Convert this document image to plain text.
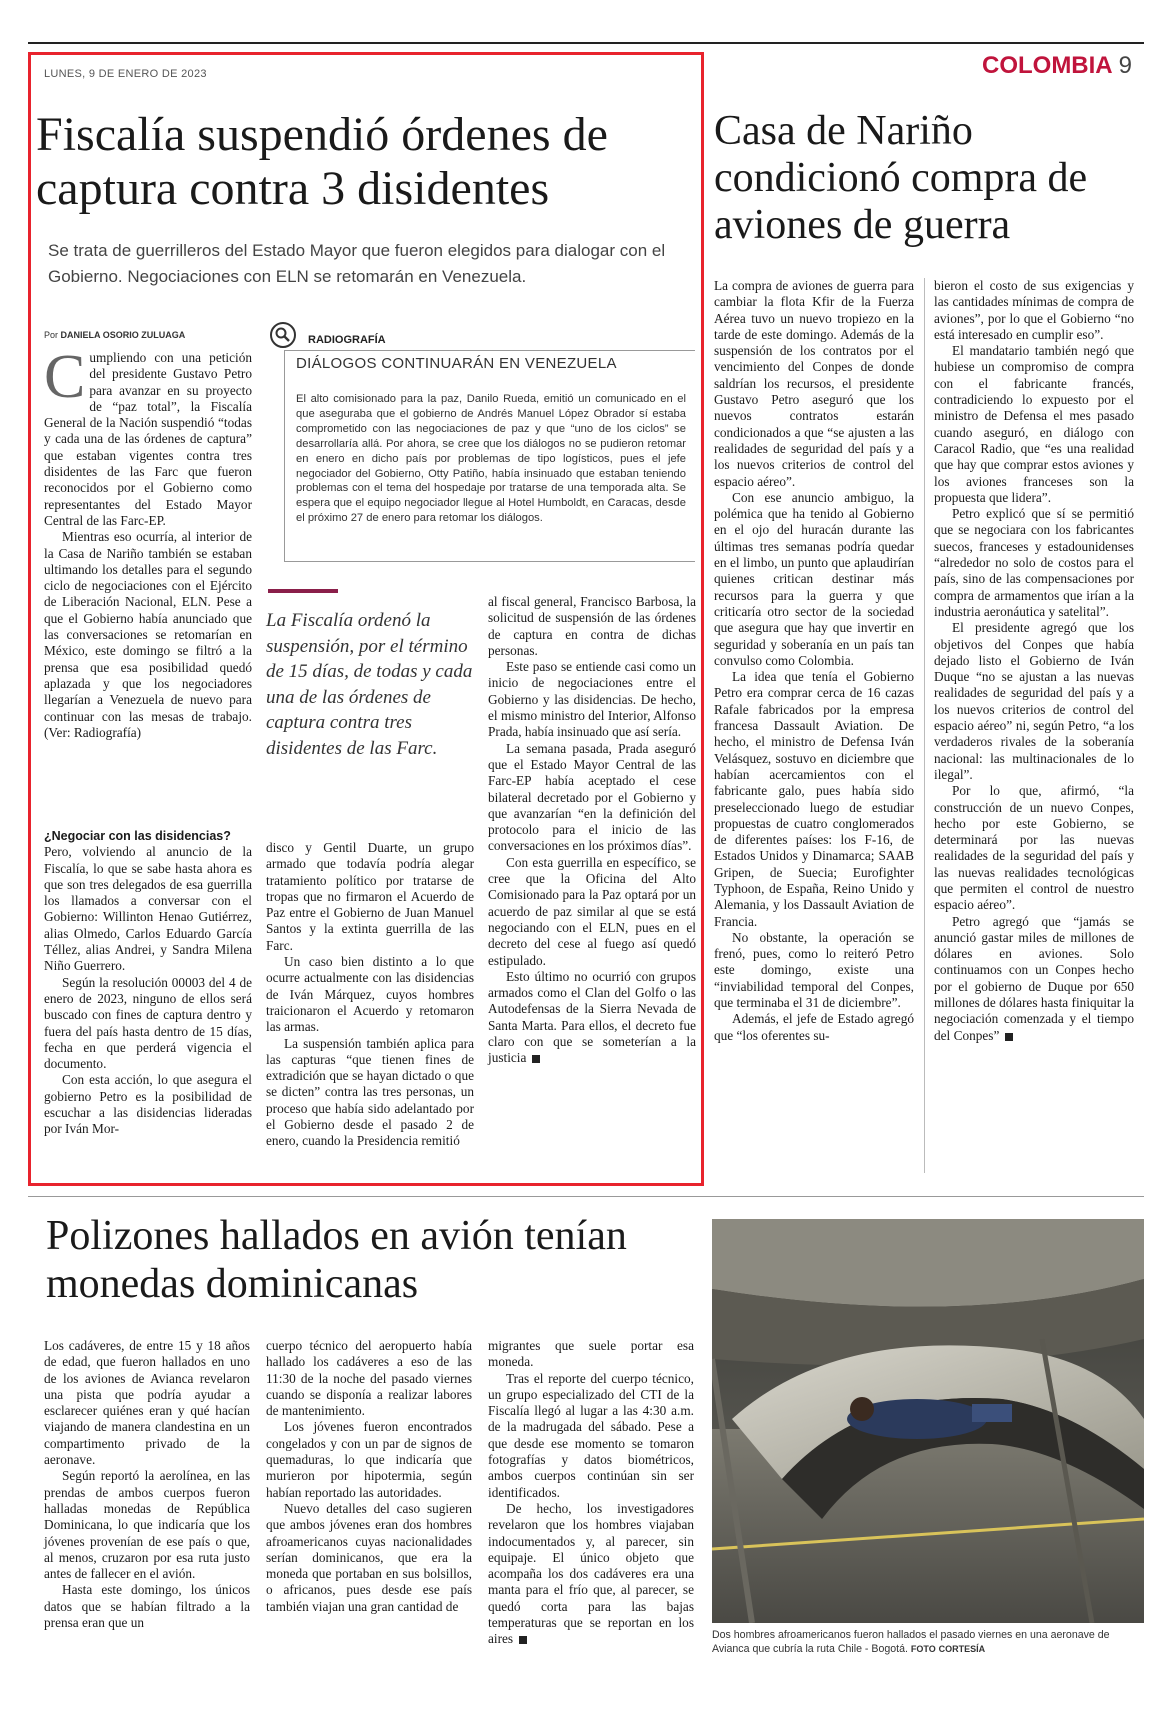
COLOMBIA 9
LUNES, 9 DE ENERO DE 2023
Fiscalía suspendió órdenes de captura contra 3 disidentes
Se trata de guerrilleros del Estado Mayor que fueron elegidos para dialogar con el Gobierno. Negociaciones con ELN se retomarán en Venezuela.
Por DANIELA OSORIO ZULUAGA
C umpliendo con una petición del presidente Gustavo Petro para avanzar en su proyecto de “paz total”, la Fiscalía General de la Nación suspendió “todas y cada una de las órdenes de captura” que estaban vigentes contra tres disidentes de las Farc que fueron reconocidos por el Gobierno como representantes del Estado Mayor Central de las Farc-EP.

Mientras eso ocurría, al interior de la Casa de Nariño también se estaban ultimando los detalles para el segundo ciclo de negociaciones con el Ejército de Liberación Nacional, ELN. Pese a que el Gobierno había anunciado que las conversaciones se retomarían en México, este domingo se filtró a la prensa que esa posibilidad quedó aplazada y que los negociadores llegarían a Venezuela de nuevo para continuar con las mesas de trabajo. (Ver: Radiografía)

¿Negociar con las disidencias?

Pero, volviendo al anuncio de la Fiscalía, lo que se sabe hasta ahora es que son tres delegados de esa guerrilla los llamados a conversar con el Gobierno: Willinton Henao Gutiérrez, alias Olmedo, Carlos Eduardo García Téllez, alias Andrei, y Sandra Milena Niño Guerrero.

Según la resolución 00003 del 4 de enero de 2023, ninguno de ellos será buscado con fines de captura dentro y fuera del país hasta dentro de 15 días, fecha en que perderá vigencia el documento.

Con esta acción, lo que asegura el gobierno Petro es la posibilidad de escuchar a las disidencias lideradas por Iván Mor-

RADIOGRAFÍA
DIÁLOGOS CONTINUARÁN EN VENEZUELA
El alto comisionado para la paz, Danilo Rueda, emitió un comunicado en el que aseguraba que el gobierno de Andrés Manuel López Obrador sí estaba comprometido con las negociaciones de paz y que “uno de los ciclos” se desarrollaría allá. Por ahora, se cree que los diálogos no se pudieron retomar en enero en dicho país por problemas de tipo logísticos, pues el jefe negociador del Gobierno, Otty Patiño, había insinuado que estaban teniendo problemas con el tema del hospedaje por tratarse de una temporada alta. Se espera que el equipo negociador llegue al Hotel Humboldt, en Caracas, desde el próximo 27 de enero para retomar los diálogos.
La Fiscalía ordenó la suspensión, por el término de 15 días, de todas y cada una de las órdenes de captura contra tres disidentes de las Farc.

disco y Gentil Duarte, un grupo armado que todavía podría alegar tratamiento político por tratarse de tropas que no firmaron el Acuerdo de Paz entre el Gobierno de Juan Manuel Santos y la extinta guerrilla de las Farc.

Un caso bien distinto a lo que ocurre actualmente con las disidencias de Iván Márquez, cuyos hombres traicionaron el Acuerdo y retomaron las armas.

La suspensión también aplica para las capturas “que tienen fines de extradición que se hayan dictado o que se dicten” contra las tres personas, un proceso que había sido adelantado por el Gobierno desde el pasado 2 de enero, cuando la Presidencia remitió

al fiscal general, Francisco Barbosa, la solicitud de suspensión de las órdenes de captura en contra de dichas personas.

Este paso se entiende casi como un inicio de negociaciones entre el Gobierno y las disidencias. De hecho, el mismo ministro del Interior, Alfonso Prada, había insinuado que así sería.

La semana pasada, Prada aseguró que el Estado Mayor Central de las Farc-EP había aceptado el cese bilateral decretado por el Gobierno y que avanzarían “en la definición del protocolo para el inicio de las conversaciones en los próximos días”.

Con esta guerrilla en específico, se cree que la Oficina del Alto Comisionado para la Paz optará por un acuerdo de paz similar al que se está negociando con el ELN, pues en el decreto del cese al fuego así quedó estipulado.

Esto último no ocurrió con grupos armados como el Clan del Golfo o las Autodefensas de la Sierra Nevada de Santa Marta. Para ellos, el decreto fue claro con que se someterían a la justicia

Casa de Nariño condicionó compra de aviones de guerra

La compra de aviones de guerra para cambiar la flota Kfir de la Fuerza Aérea tuvo un nuevo tropiezo en la tarde de este domingo. Además de la suspensión de los contratos por el vencimiento del Conpes de donde saldrían los recursos, el presidente Gustavo Petro aseguró que los nuevos contratos estarán condicionados a que “se ajusten a las realidades de seguridad del país y a los nuevos criterios de control del espacio aéreo”.

Con ese anuncio ambiguo, la polémica que ha tenido al Gobierno en el ojo del huracán durante las últimas tres semanas podría quedar en el limbo, un punto que aplaudirían quienes critican destinar más recursos para la guerra y que criticaría otro sector de la sociedad que asegura que hay que invertir en seguridad y soberanía en un país tan convulso como Colombia.

La idea que tenía el Gobierno Petro era comprar cerca de 16 cazas Rafale fabricados por la empresa francesa Dassault Aviation. De hecho, el ministro de Defensa Iván Velásquez, sostuvo en diciembre que habían acercamientos con el fabricante galo, pues había sido preseleccionado luego de estudiar propuestas de cuatro conglomerados de diferentes países: los F-16, de Estados Unidos y Dinamarca; SAAB Gripen, de Suecia; Eurofighter Typhoon, de España, Reino Unido y Alemania, y los Dassault Aviation de Francia.

No obstante, la operación se frenó, pues, como lo reiteró Petro este domingo, existe una “inviabilidad temporal del Conpes, que terminaba el 31 de diciembre”.

Además, el jefe de Estado agregó que “los oferentes su-

bieron el costo de sus exigencias y las cantidades mínimas de compra de aviones”, por lo que el Gobierno “no está interesado en cumplir eso”.

El mandatario también negó que hubiese un compromiso de compra con el fabricante francés, contradiciendo lo expuesto por el ministro de Defensa el mes pasado cuando aseguró, en diálogo con Caracol Radio, que “es una realidad que hay que comprar estos aviones y los aviones franceses son la propuesta que lidera”.

Petro explicó que sí se permitió que se negociara con los fabricantes suecos, franceses y estadounidenses “alrededor no solo de costos para el país, sino de las compensaciones por compra de armamentos que irían a la industria aeronáutica y satelital”.

El presidente agregó que los objetivos del Conpes que había dejado listo el Gobierno de Iván Duque “no se ajustan a las nuevas realidades de seguridad del país y a los nuevos criterios de control del espacio aéreo” ni, según Petro, “a los verdaderos rivales de la soberanía nacional: las multinacionales de lo ilegal”.

Por lo que, afirmó, “la construcción de un nuevo Conpes, hecho por este Gobierno, se determinará por las nuevas realidades de la seguridad del país y las nuevas realidades tecnológicas que permiten el control de nuestro espacio aéreo”.

Petro agregó que “jamás se anunció gastar miles de millones de dólares en aviones. Solo continuamos con un Conpes hecho por el gobierno de Duque por 650 millones de dólares hasta finiquitar la negociación comenzada y el tiempo del Conpes”

Polizones hallados en avión tenían monedas dominicanas

Los cadáveres, de entre 15 y 18 años de edad, que fueron hallados en uno de los aviones de Avianca revelaron una pista que podría ayudar a esclarecer quiénes eran y qué hacían viajando de manera clandestina en un compartimento privado de la aeronave.

Según reportó la aerolínea, en las prendas de ambos cuerpos fueron halladas monedas de República Dominicana, lo que indicaría que los jóvenes provenían de ese país o que, al menos, cruzaron por esa ruta justo antes de fallecer en el avión.

Hasta este domingo, los únicos datos que se habían filtrado a la prensa eran que un

cuerpo técnico del aeropuerto había hallado los cadáveres a eso de las 11:30 de la noche del pasado viernes cuando se disponía a realizar labores de mantenimiento.

Los jóvenes fueron encontrados congelados y con un par de signos de quemaduras, lo que indicaría que murieron por hipotermia, según habían reportado las autoridades.

Nuevo detalles del caso sugieren que ambos jóvenes eran dos hombres afroamericanos cuyas nacionalidades serían dominicanos, que era la moneda que portaban en sus bolsillos, o africanos, pues desde ese país también viajan una gran cantidad de

migrantes que suele portar esa moneda.

Tras el reporte del cuerpo técnico, un grupo especializado del CTI de la Fiscalía llegó al lugar a las 4:30 a.m. de la madrugada del sábado. Pese a que desde ese momento se tomaron fotografías y datos biométricos, ambos cuerpos continúan sin ser identificados.

De hecho, los investigadores revelaron que los hombres viajaban indocumentados y, al parecer, sin equipaje. El único objeto que acompaña los dos cadáveres era una manta para el frío que, al parecer, se quedó corta para las bajas temperaturas que se reportan en los aires	Dos hombres afroamericanos fueron hallados el pasado viernes en una aeronave de Avianca que cubría la ruta Chile - Bogotá. FOTO CORTESÍA
